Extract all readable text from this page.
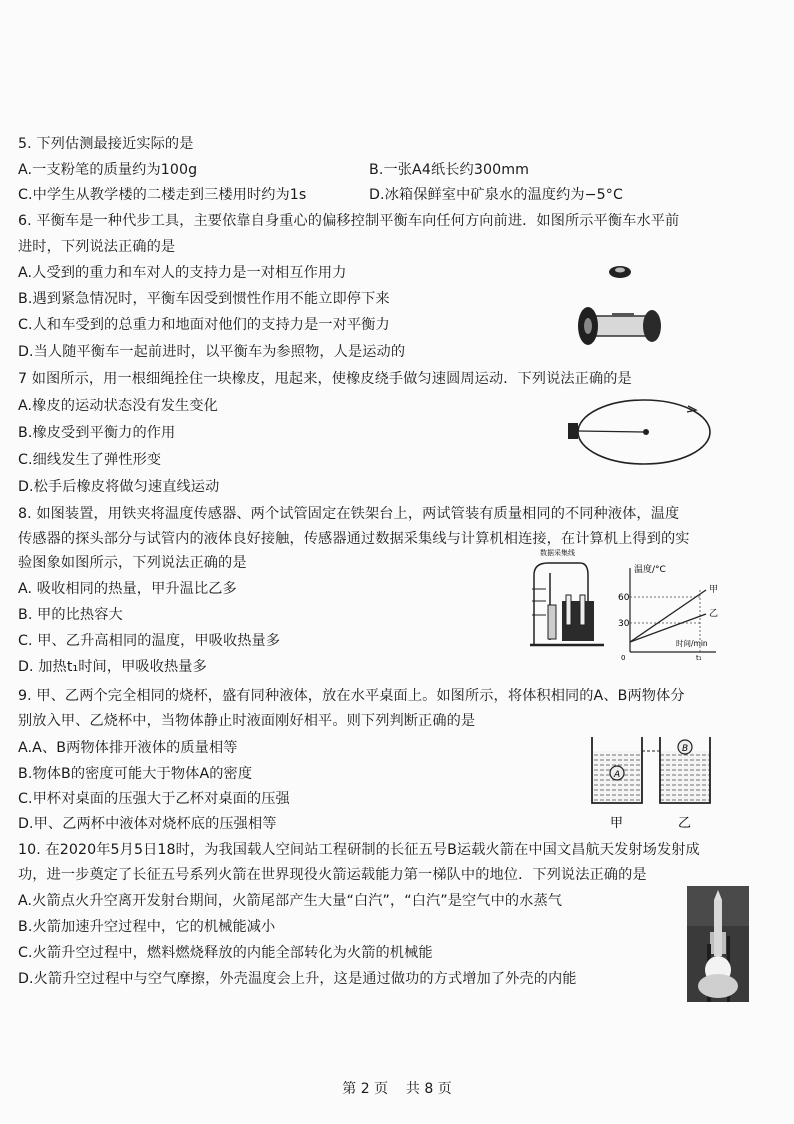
5. 下列估测最接近实际的是
A.一支粉笔的质量约为100g	B.一张A4纸长约300mm
C.中学生从教学楼的二楼走到三楼用时约为1s	D.冰箱保鲜室中矿泉水的温度约为−5°C
6. 平衡车是一种代步工具，主要依靠自身重心的偏移控制平衡车向任何方向前进．如图所示平衡车水平前
进时，下列说法正确的是
A.人受到的重力和车对人的支持力是一对相互作用力
B.遇到紧急情况时，平衡车因受到惯性作用不能立即停下来
C.人和车受到的总重力和地面对他们的支持力是一对平衡力
D.当人随平衡车一起前进时，以平衡车为参照物，人是运动的
7 如图所示，用一根细绳拴住一块橡皮，甩起来，使橡皮绕手做匀速圆周运动．下列说法正确的是
A.橡皮的运动状态没有发生变化
B.橡皮受到平衡力的作用
C.细线发生了弹性形变
D.松手后橡皮将做匀速直线运动
8. 如图装置，用铁夹将温度传感器、两个试管固定在铁架台上，两试管装有质量相同的不同种液体，温度
传感器的探头部分与试管内的液体良好接触，传感器通过数据采集线与计算机相连接，在计算机上得到的实
验图象如图所示，下列说法正确的是
A. 吸收相同的热量，甲升温比乙多
B. 甲的比热容大
C. 甲、乙升高相同的温度，甲吸收热量多
D. 加热t₁时间，甲吸收热量多
数据采集线
温度/°C
时间/min
60
30
0
甲
乙
t₁
9. 甲、乙两个完全相同的烧杯，盛有同种液体，放在水平桌面上。如图所示，将体积相同的A、B两物体分
别放入甲、乙烧杯中，当物体静止时液面刚好相平。则下列判断正确的是
A.A、B两物体排开液体的质量相等
B.物体B的密度可能大于物体A的密度
C.甲杯对桌面的压强大于乙杯对桌面的压强
D.甲、乙两杯中液体对烧杯底的压强相等
A
B
甲	乙
10. 在2020年5月5日18时，为我国载人空间站工程研制的长征五号B运载火箭在中国文昌航天发射场发射成
功，进一步奠定了长征五号系列火箭在世界现役火箭运载能力第一梯队中的地位．下列说法正确的是
A.火箭点火升空离开发射台期间，火箭尾部产生大量“白汽”，“白汽”是空气中的水蒸气
B.火箭加速升空过程中，它的机械能减小
C.火箭升空过程中，燃料燃烧释放的内能全部转化为火箭的机械能
D.火箭升空过程中与空气摩擦，外壳温度会上升，这是通过做功的方式增加了外壳的内能
第 2 页    共 8 页
